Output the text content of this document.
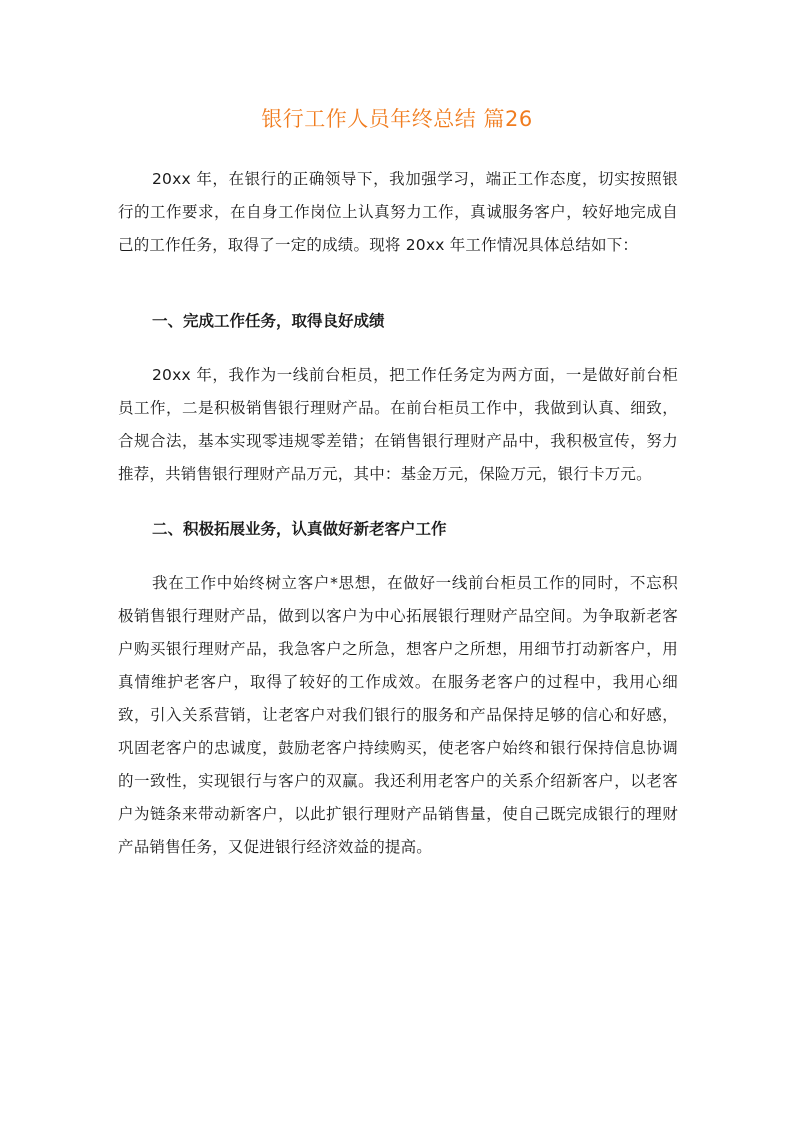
银行工作人员年终总结 篇26

20xx 年，在银行的正确领导下，我加强学习，端正工作态度，切实按照银行的工作要求，在自身工作岗位上认真努力工作，真诚服务客户，较好地完成自己的工作任务，取得了一定的成绩。现将 20xx 年工作情况具体总结如下：

一、完成工作任务，取得良好成绩

20xx 年，我作为一线前台柜员，把工作任务定为两方面，一是做好前台柜员工作，二是积极销售银行理财产品。在前台柜员工作中，我做到认真、细致，合规合法，基本实现零违规零差错；在销售银行理财产品中，我积极宣传，努力推荐，共销售银行理财产品万元，其中：基金万元，保险万元，银行卡万元。

二、积极拓展业务，认真做好新老客户工作

我在工作中始终树立客户*思想，在做好一线前台柜员工作的同时，不忘积极销售银行理财产品，做到以客户为中心拓展银行理财产品空间。为争取新老客户购买银行理财产品，我急客户之所急，想客户之所想，用细节打动新客户，用真情维护老客户，取得了较好的工作成效。在服务老客户的过程中，我用心细致，引入关系营销，让老客户对我们银行的服务和产品保持足够的信心和好感，巩固老客户的忠诚度，鼓励老客户持续购买，使老客户始终和银行保持信息协调的一致性，实现银行与客户的双赢。我还利用老客户的关系介绍新客户，以老客户为链条来带动新客户，以此扩银行理财产品销售量，使自己既完成银行的理财产品销售任务，又促进银行经济效益的提高。
